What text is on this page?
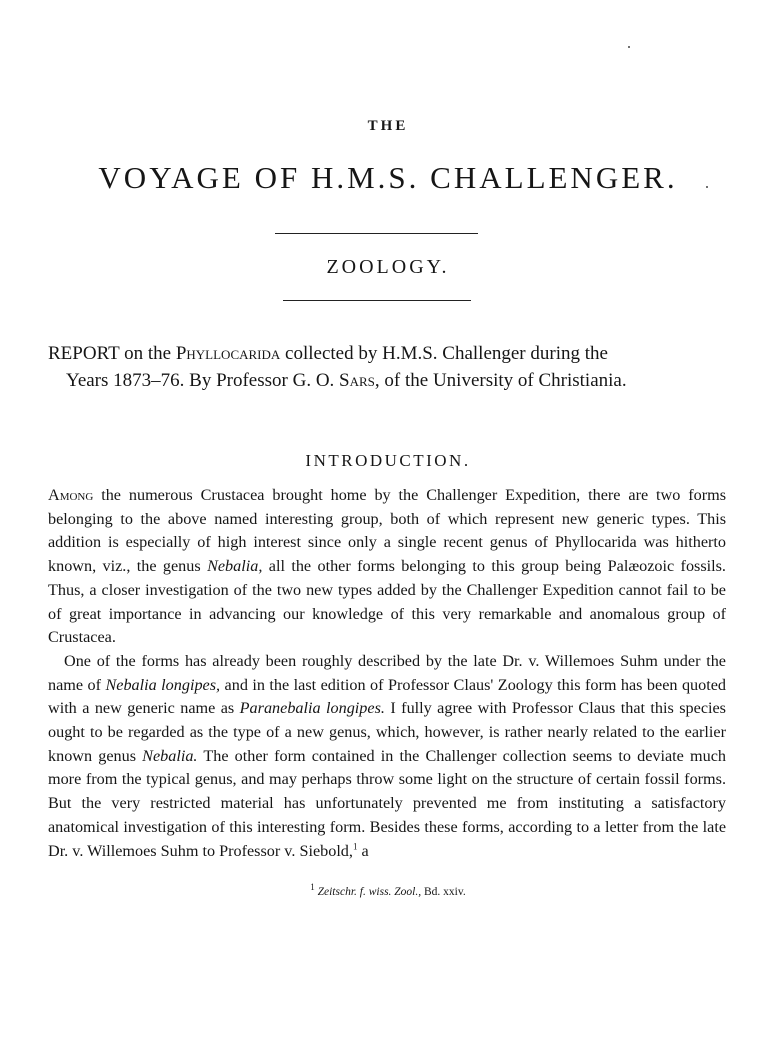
THE
VOYAGE OF H.M.S. CHALLENGER.
ZOOLOGY.
REPORT on the Phyllocarida collected by H.M.S. Challenger during the
Years 1873–76. By Professor G. O. Sars, of the University of Christiania.
INTRODUCTION.

Among the numerous Crustacea brought home by the Challenger Expedition, there are two forms belonging to the above named interesting group, both of which represent new generic types. This addition is especially of high interest since only a single recent genus of Phyllocarida was hitherto known, viz., the genus Nebalia, all the other forms belonging to this group being Palæozoic fossils. Thus, a closer investigation of the two new types added by the Challenger Expedition cannot fail to be of great importance in advancing our knowledge of this very remarkable and anomalous group of Crustacea.

One of the forms has already been roughly described by the late Dr. v. Willemoes Suhm under the name of Nebalia longipes, and in the last edition of Professor Claus' Zoology this form has been quoted with a new generic name as Paranebalia longipes. I fully agree with Professor Claus that this species ought to be regarded as the type of a new genus, which, however, is rather nearly related to the earlier known genus Nebalia. The other form contained in the Challenger collection seems to deviate much more from the typical genus, and may perhaps throw some light on the structure of certain fossil forms. But the very restricted material has unfortunately prevented me from instituting a satisfactory anatomical investigation of this interesting form. Besides these forms, according to a letter from the late Dr. v. Willemoes Suhm to Professor v. Siebold,$^1$ a

$^1$ Zeitschr. f. wiss. Zool., Bd. xxiv.
